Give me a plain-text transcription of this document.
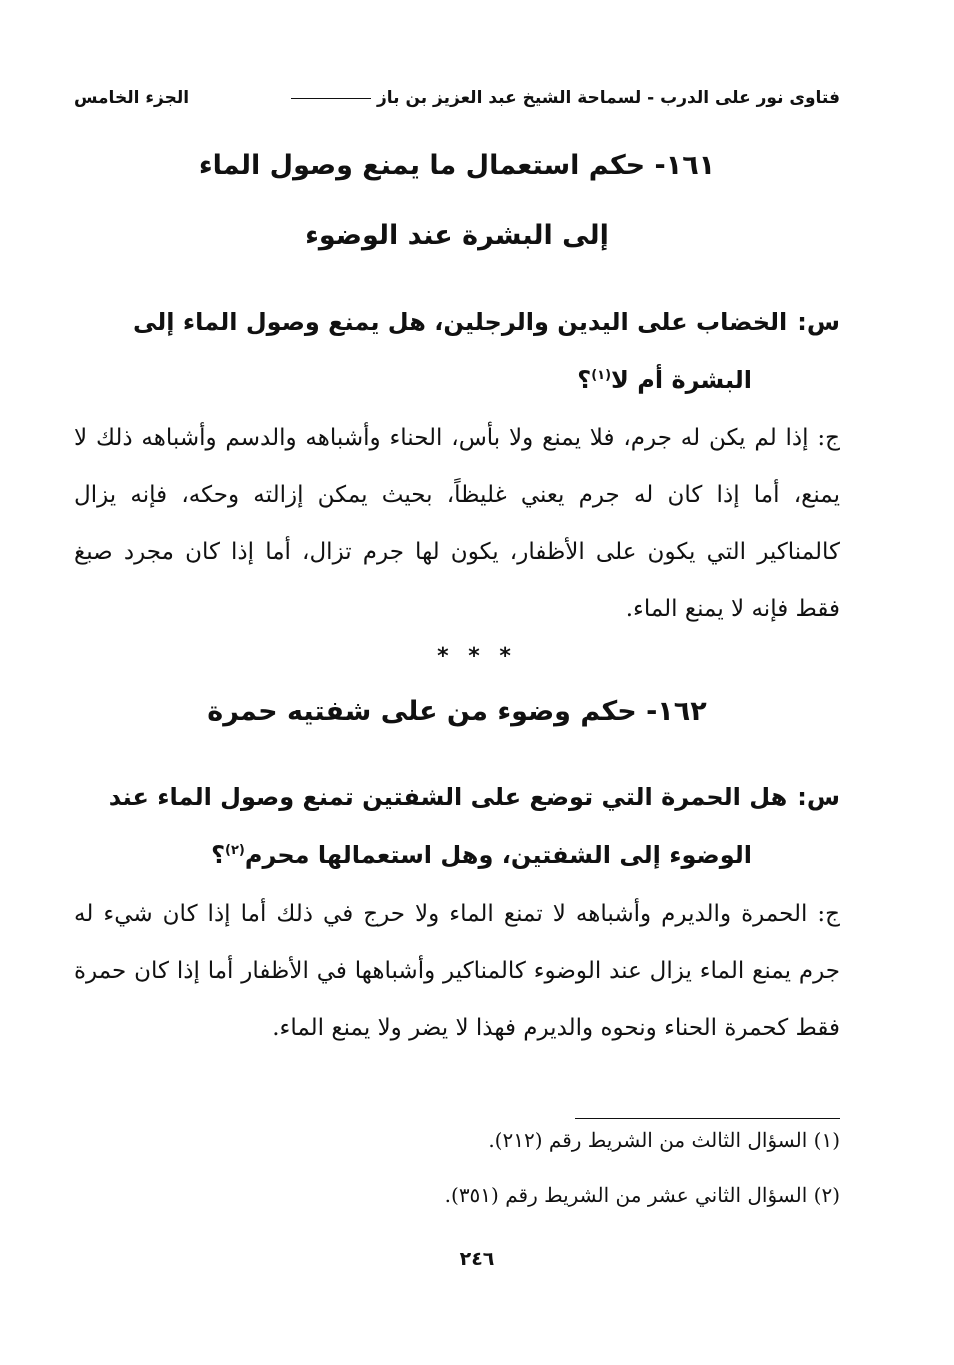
فتاوى نور على الدرب - لسماحة الشيخ عبد العزيز بن باز
الجزء الخامس
١٦١- حكم استعمال ما يمنع وصول الماء
إلى البشرة عند الوضوء
س:الخضاب على اليدين والرجلين، هل يمنع وصول الماء إلى
البشرة أم لا$^{(١)}$؟
ج: إذا لم يكن له جرم، فلا يمنع ولا بأس، الحناء وأشباهه والدسم وأشباهه ذلك لا يمنع، أما إذا كان له جرم يعني غليظاً، بحيث يمكن إزالته وحكه، فإنه يزال كالمناكير التي يكون على الأظفار، يكون لها جرم تزال، أما إذا كان مجرد صبغ فقط فإنه لا يمنع الماء.
* * *
١٦٢- حكم وضوء من على شفتيه حمرة
س:هل الحمرة التي توضع على الشفتين تمنع وصول الماء عند
الوضوء إلى الشفتين، وهل استعمالها محرم$^{(٢)}$؟
ج: الحمرة والديرم وأشباهه لا تمنع الماء ولا حرج في ذلك أما إذا كان شيء له جرم يمنع الماء يزال عند الوضوء كالمناكير وأشباهها في الأظفار أما إذا كان حمرة فقط كحمرة الحناء ونحوه والديرم فهذا لا يضر ولا يمنع الماء.
(١) السؤال الثالث من الشريط رقم (٢١٢).
(٢) السؤال الثاني عشر من الشريط رقم (٣٥١).
٢٤٦
